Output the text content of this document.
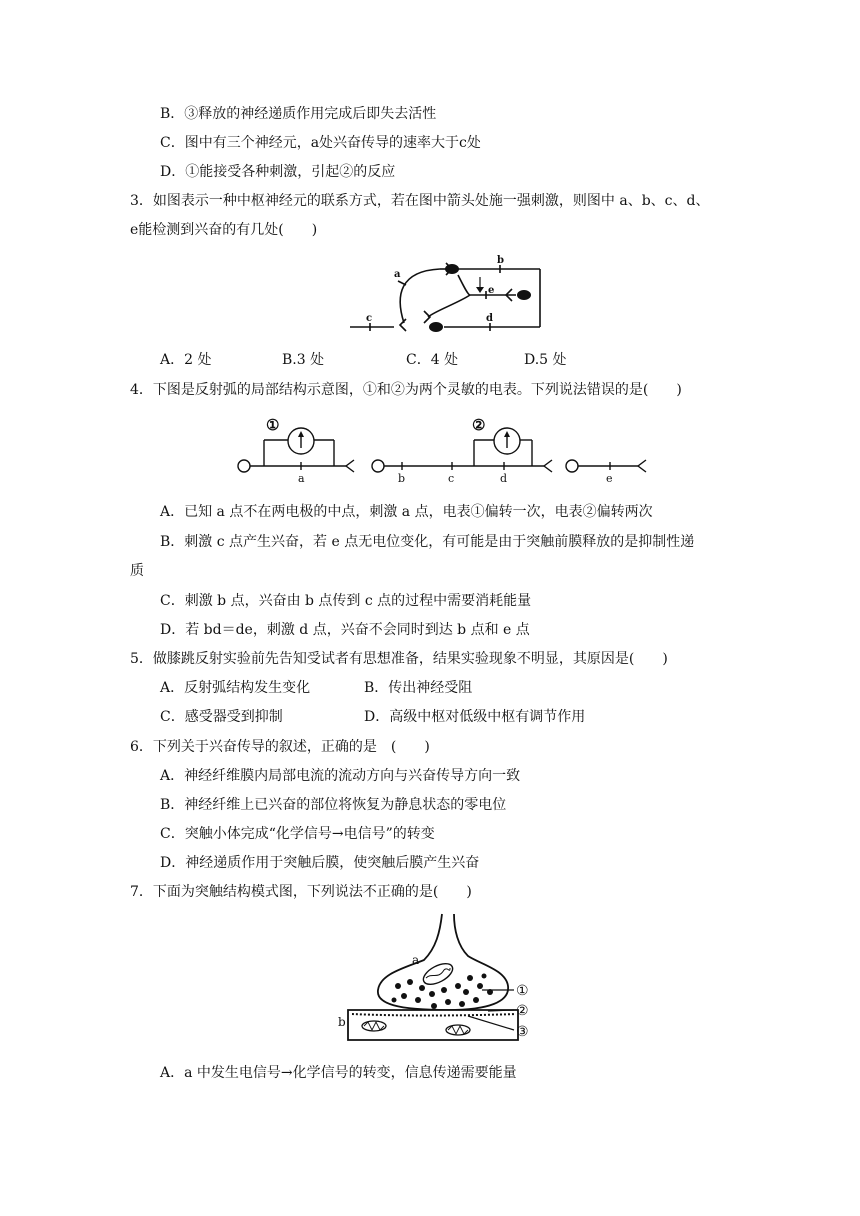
B．③释放的神经递质作用完成后即失去活性
C．图中有三个神经元，a处兴奋传导的速率大于c处
D．①能接受各种刺激，引起②的反应
3．如图表示一种中枢神经元的联系方式，若在图中箭头处施一强刺激，则图中 a、b、c、d、
e能检测到兴奋的有几处(　　)
a
b
c	d
e
A．2 处	B.3 处	C．4 处	D.5 处
4．下图是反射弧的局部结构示意图，①和②为两个灵敏的电表。下列说法错误的是(　　)
①	②
a	b	c	d	e
A．已知 a 点不在两电极的中点，刺激 a 点，电表①偏转一次，电表②偏转两次
B．刺激 c 点产生兴奋，若 e 点无电位变化，有可能是由于突触前膜释放的是抑制性递
质
C．刺激 b 点，兴奋由 b 点传到 c 点的过程中需要消耗能量
D．若 bd＝de，刺激 d 点，兴奋不会同时到达 b 点和 e 点
5．做膝跳反射实验前先告知受试者有思想准备，结果实验现象不明显，其原因是(　　)
A．反射弧结构发生变化	B．传出神经受阻
C．感受器受到抑制	D．高级中枢对低级中枢有调节作用
6．下列关于兴奋传导的叙述，正确的是　(　　)
A．神经纤维膜内局部电流的流动方向与兴奋传导方向一致
B．神经纤维上已兴奋的部位将恢复为静息状态的零电位
C．突触小体完成“化学信号→电信号”的转变
D．神经递质作用于突触后膜，使突触后膜产生兴奋
7．下面为突触结构模式图，下列说法不正确的是(　　)
①
②
③
a
b
A．a 中发生电信号→化学信号的转变，信息传递需要能量
